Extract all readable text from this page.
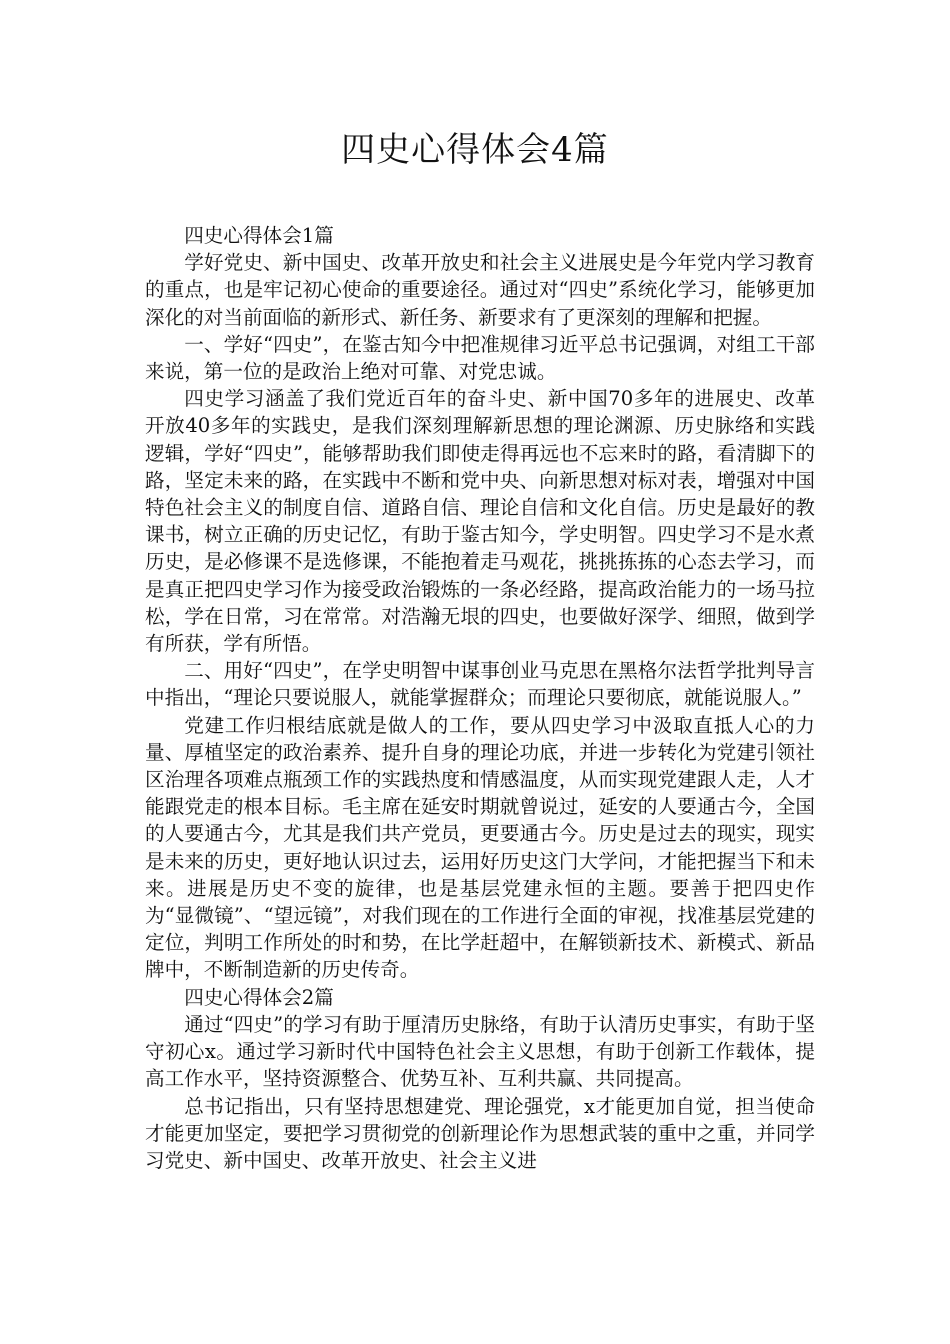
四史心得体会4篇

四史心得体会1篇

学好党史、新中国史、改革开放史和社会主义进展史是今年党内学习教育的重点，也是牢记初心使命的重要途径。通过对“四史”系统化学习，能够更加深化的对当前面临的新形式、新任务、新要求有了更深刻的理解和把握。

一、学好“四史”，在鉴古知今中把准规律习近平总书记强调，对组工干部来说，第一位的是政治上绝对可靠、对党忠诚。

四史学习涵盖了我们党近百年的奋斗史、新中国70多年的进展史、改革开放40多年的实践史，是我们深刻理解新思想的理论渊源、历史脉络和实践逻辑，学好“四史”，能够帮助我们即使走得再远也不忘来时的路，看清脚下的路，坚定未来的路，在实践中不断和党中央、向新思想对标对表，增强对中国特色社会主义的制度自信、道路自信、理论自信和文化自信。历史是最好的教课书，树立正确的历史记忆，有助于鉴古知今，学史明智。四史学习不是水煮历史，是必修课不是选修课，不能抱着走马观花，挑挑拣拣的心态去学习，而是真正把四史学习作为接受政治锻炼的一条必经路，提高政治能力的一场马拉松，学在日常，习在常常。对浩瀚无垠的四史，也要做好深学、细照，做到学有所获，学有所悟。

二、用好“四史”，在学史明智中谋事创业马克思在黑格尔法哲学批判导言中指出，“理论只要说服人，就能掌握群众；而理论只要彻底，就能说服人。”

党建工作归根结底就是做人的工作，要从四史学习中汲取直抵人心的力量、厚植坚定的政治素养、提升自身的理论功底，并进一步转化为党建引领社区治理各项难点瓶颈工作的实践热度和情感温度，从而实现党建跟人走，人才能跟党走的根本目标。毛主席在延安时期就曾说过，延安的人要通古今，全国的人要通古今，尤其是我们共产党员，更要通古今。历史是过去的现实，现实是未来的历史，更好地认识过去，运用好历史这门大学问，才能把握当下和未来。进展是历史不变的旋律，也是基层党建永恒的主题。要善于把四史作为“显微镜”、“望远镜”，对我们现在的工作进行全面的审视，找准基层党建的定位，判明工作所处的时和势，在比学赶超中，在解锁新技术、新模式、新品牌中，不断制造新的历史传奇。

四史心得体会2篇

通过“四史”的学习有助于厘清历史脉络，有助于认清历史事实，有助于坚守初心x。通过学习新时代中国特色社会主义思想，有助于创新工作载体，提高工作水平，坚持资源整合、优势互补、互利共赢、共同提高。

总书记指出，只有坚持思想建党、理论强党，x才能更加自觉，担当使命才能更加坚定，要把学习贯彻党的创新理论作为思想武装的重中之重，并同学习党史、新中国史、改革开放史、社会主义进
